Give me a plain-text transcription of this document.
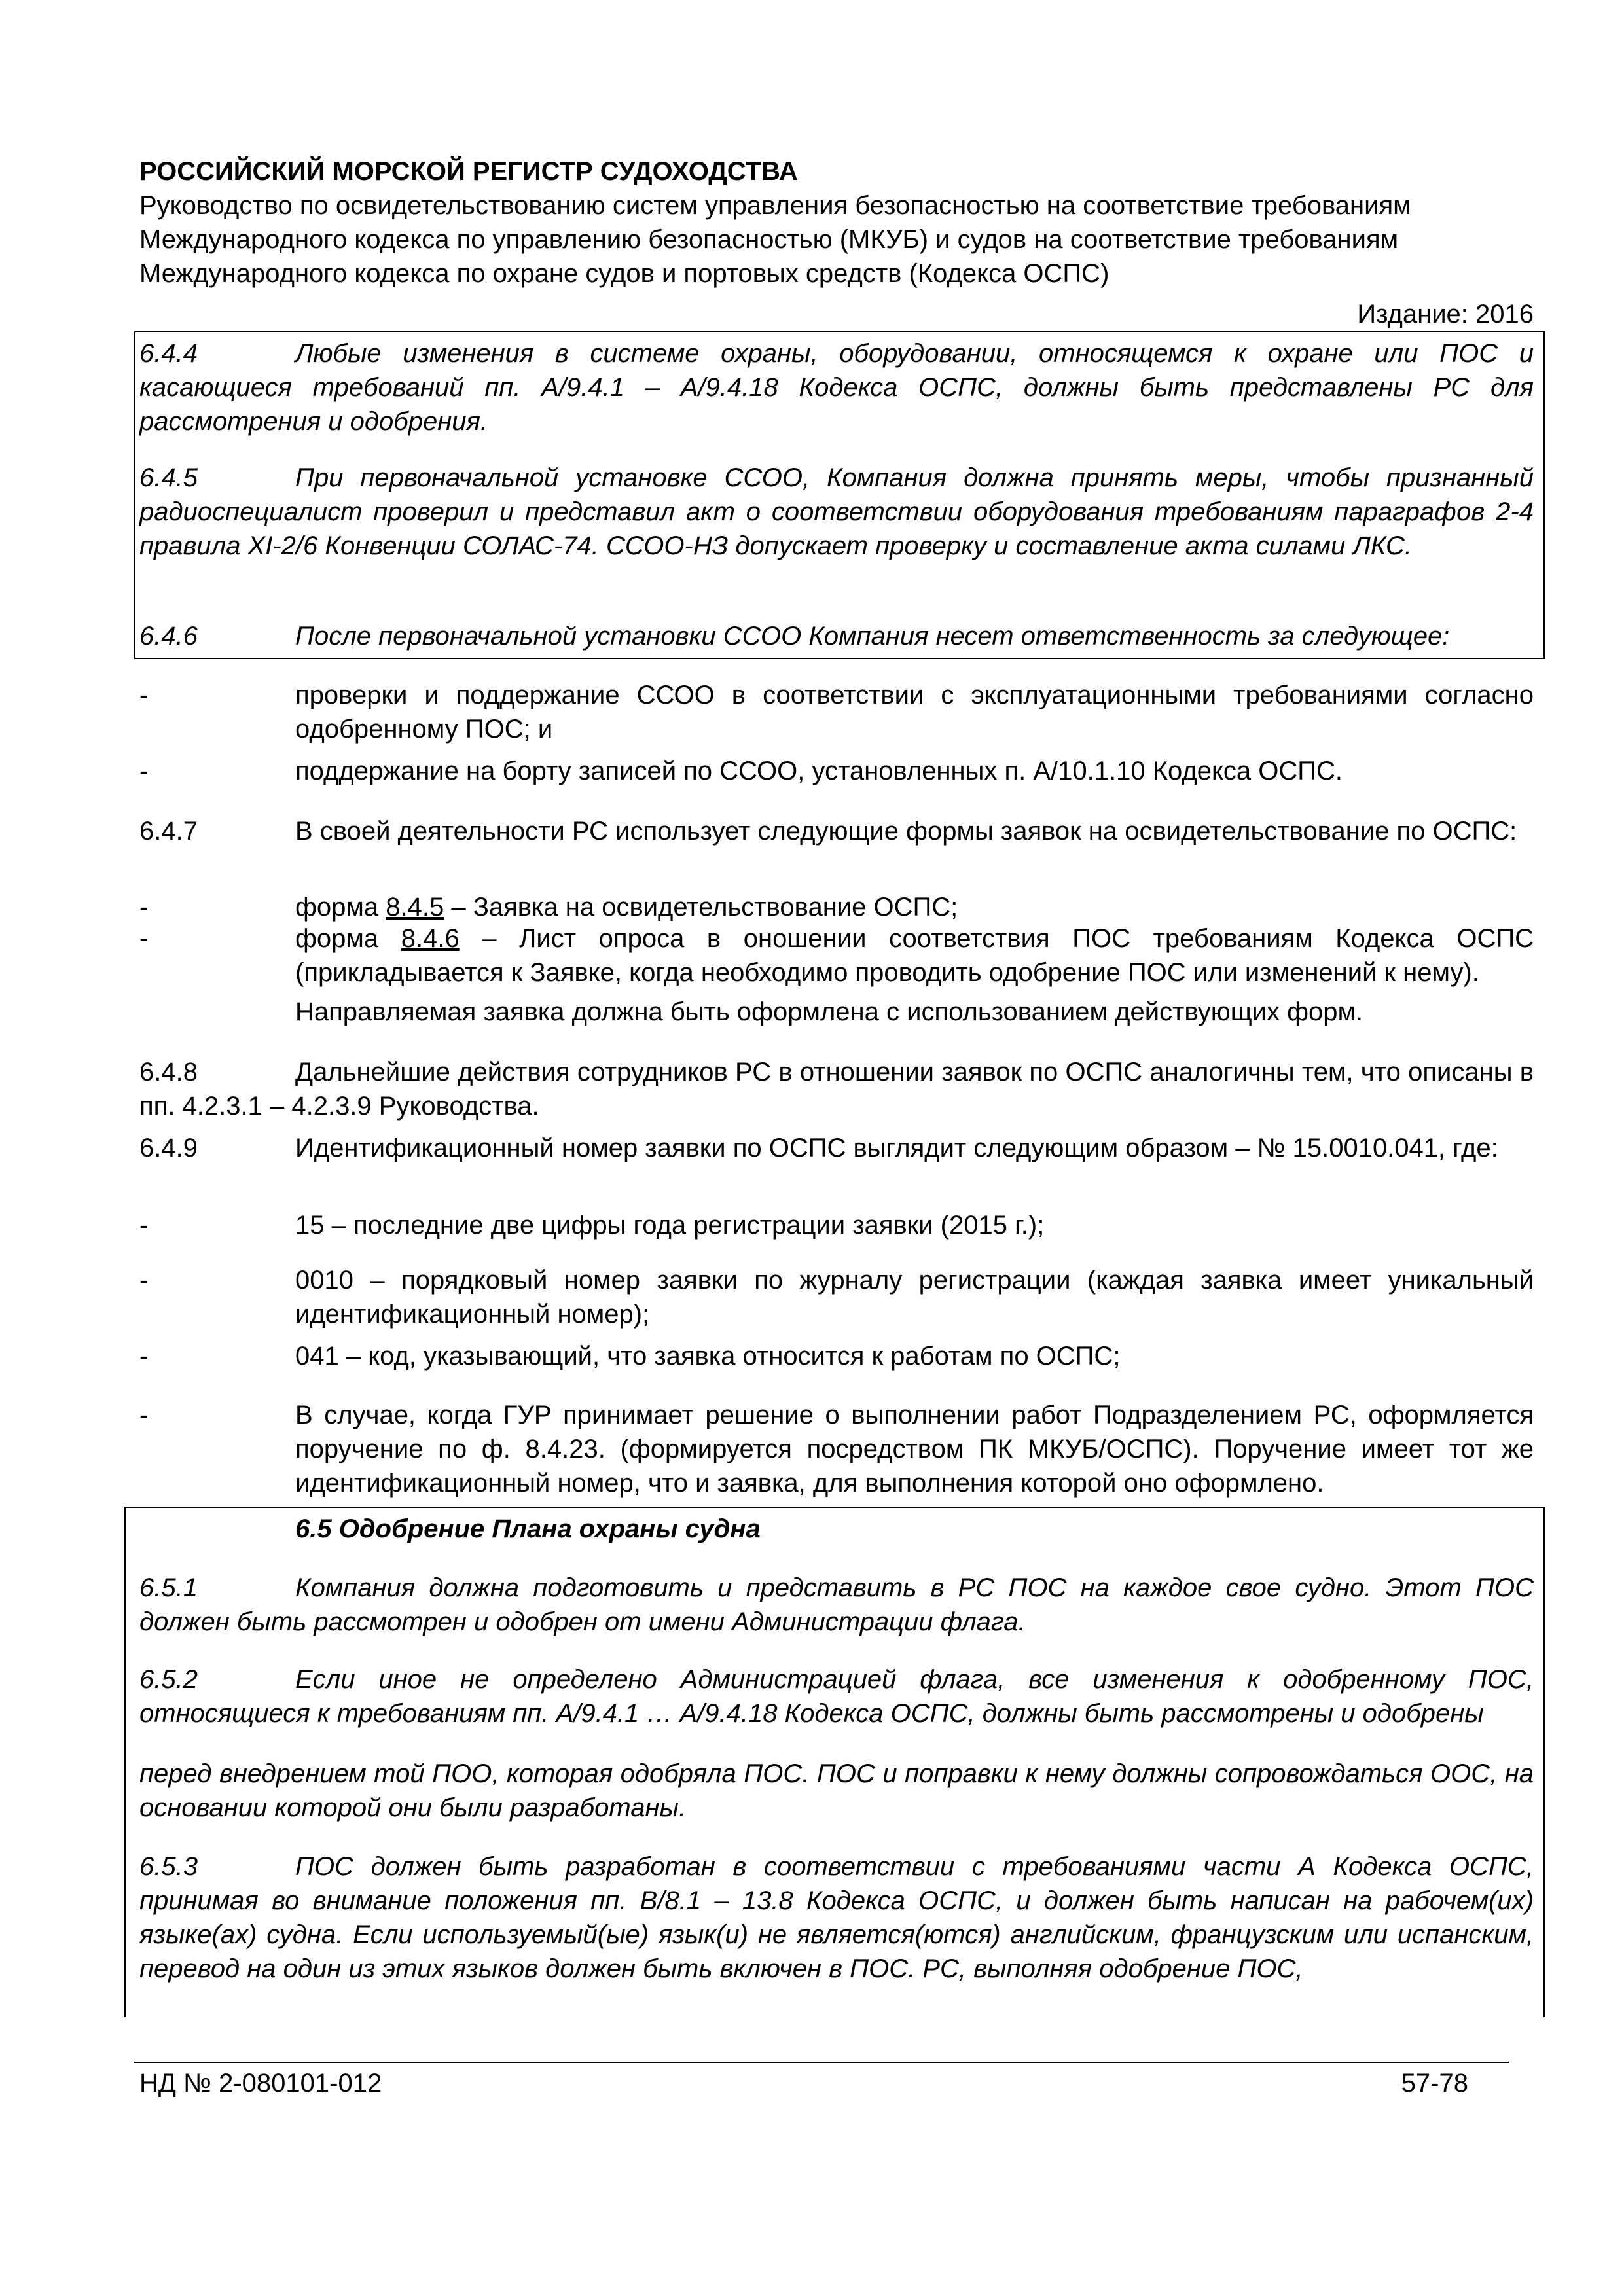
РОССИЙСКИЙ МОРСКОЙ РЕГИСТР СУДОХОДСТВА

Руководство по освидетельствованию систем управления безопасностью на соответствие требованиям Международного кодекса по управлению безопасностью (МКУБ) и судов на соответствие требованиям Международного кодекса по охране судов и портовых средств (Кодекса ОСПС)

Издание: 2016

6.4.4	Любые изменения в системе охраны, оборудовании, относящемся к охране или ПОС и касающиеся требований пп. А/9.4.1 – А/9.4.18 Кодекса ОСПС, должны быть представлены РС для рассмотрения и одобрения.

6.4.5	При первоначальной установке ССОО, Компания должна принять меры, чтобы признанный радиоспециалист проверил и представил акт о соответствии оборудования требованиям параграфов 2-4 правила XI-2/6 Конвенции СОЛАС-74. ССОО-НЗ допускает проверку и составление акта силами ЛКС.

6.4.6	После первоначальной установки ССОО Компания несет ответственность за следующее:

-	проверки и поддержание ССОО в соответствии с эксплуатационными требованиями согласно одобренному ПОС; и
-	поддержание на борту записей по ССОО, установленных п. А/10.1.10 Кодекса ОСПС.

6.4.7	В своей деятельности РС использует следующие формы заявок на освидетельствование по ОСПС:

-	форма 8.4.5 – Заявка на освидетельствование ОСПС;
-	форма 8.4.6 – Лист опроса в оношении соответствия ПОС требованиям Кодекса ОСПС (прикладывается к Заявке, когда необходимо проводить одобрение ПОС или изменений к нему).
Направляемая заявка должна быть оформлена с использованием действующих форм.

6.4.8	Дальнейшие действия сотрудников РС в отношении заявок по ОСПС аналогичны тем, что описаны в пп. 4.2.3.1 – 4.2.3.9 Руководства.

6.4.9	Идентификационный номер заявки по ОСПС выглядит следующим образом – № 15.0010.041, где:

-	15 – последние две цифры года регистрации заявки (2015 г.);
-	0010 – порядковый номер заявки по журналу регистрации (каждая заявка имеет уникальный идентификационный номер);
-	041 – код, указывающий, что заявка относится к работам по ОСПС;
-	В случае, когда ГУР принимает решение о выполнении работ Подразделением РС, оформляется поручение по ф. 8.4.23. (формируется посредством ПК МКУБ/ОСПС). Поручение имеет тот же идентификационный номер, что и заявка, для выполнения которой оно оформлено.
6.5 Одобрение Плана охраны судна

6.5.1	Компания должна подготовить и представить в РС ПОС на каждое свое судно. Этот ПОС должен быть рассмотрен и одобрен от имени Администрации флага.

6.5.2	Если иное не определено Администрацией флага, все изменения к одобренному ПОС, относящиеся к требованиям пп. А/9.4.1 … А/9.4.18 Кодекса ОСПС, должны быть рассмотрены и одобрены

перед внедрением той ПОО, которая одобряла ПОС. ПОС и поправки к нему должны сопровождаться ООС, на основании которой они были разработаны.

6.5.3	ПОС должен быть разработан в соответствии с требованиями части А Кодекса ОСПС, принимая во внимание положения пп. В/8.1 – 13.8 Кодекса ОСПС, и должен быть написан на рабочем(их) языке(ах) судна. Если используемый(ые) язык(и) не является(ются) английским, французским или испанским, перевод на один из этих языков должен быть включен в ПОС. РС, выполняя одобрение ПОС,

НД № 2-080101-012	57-78
